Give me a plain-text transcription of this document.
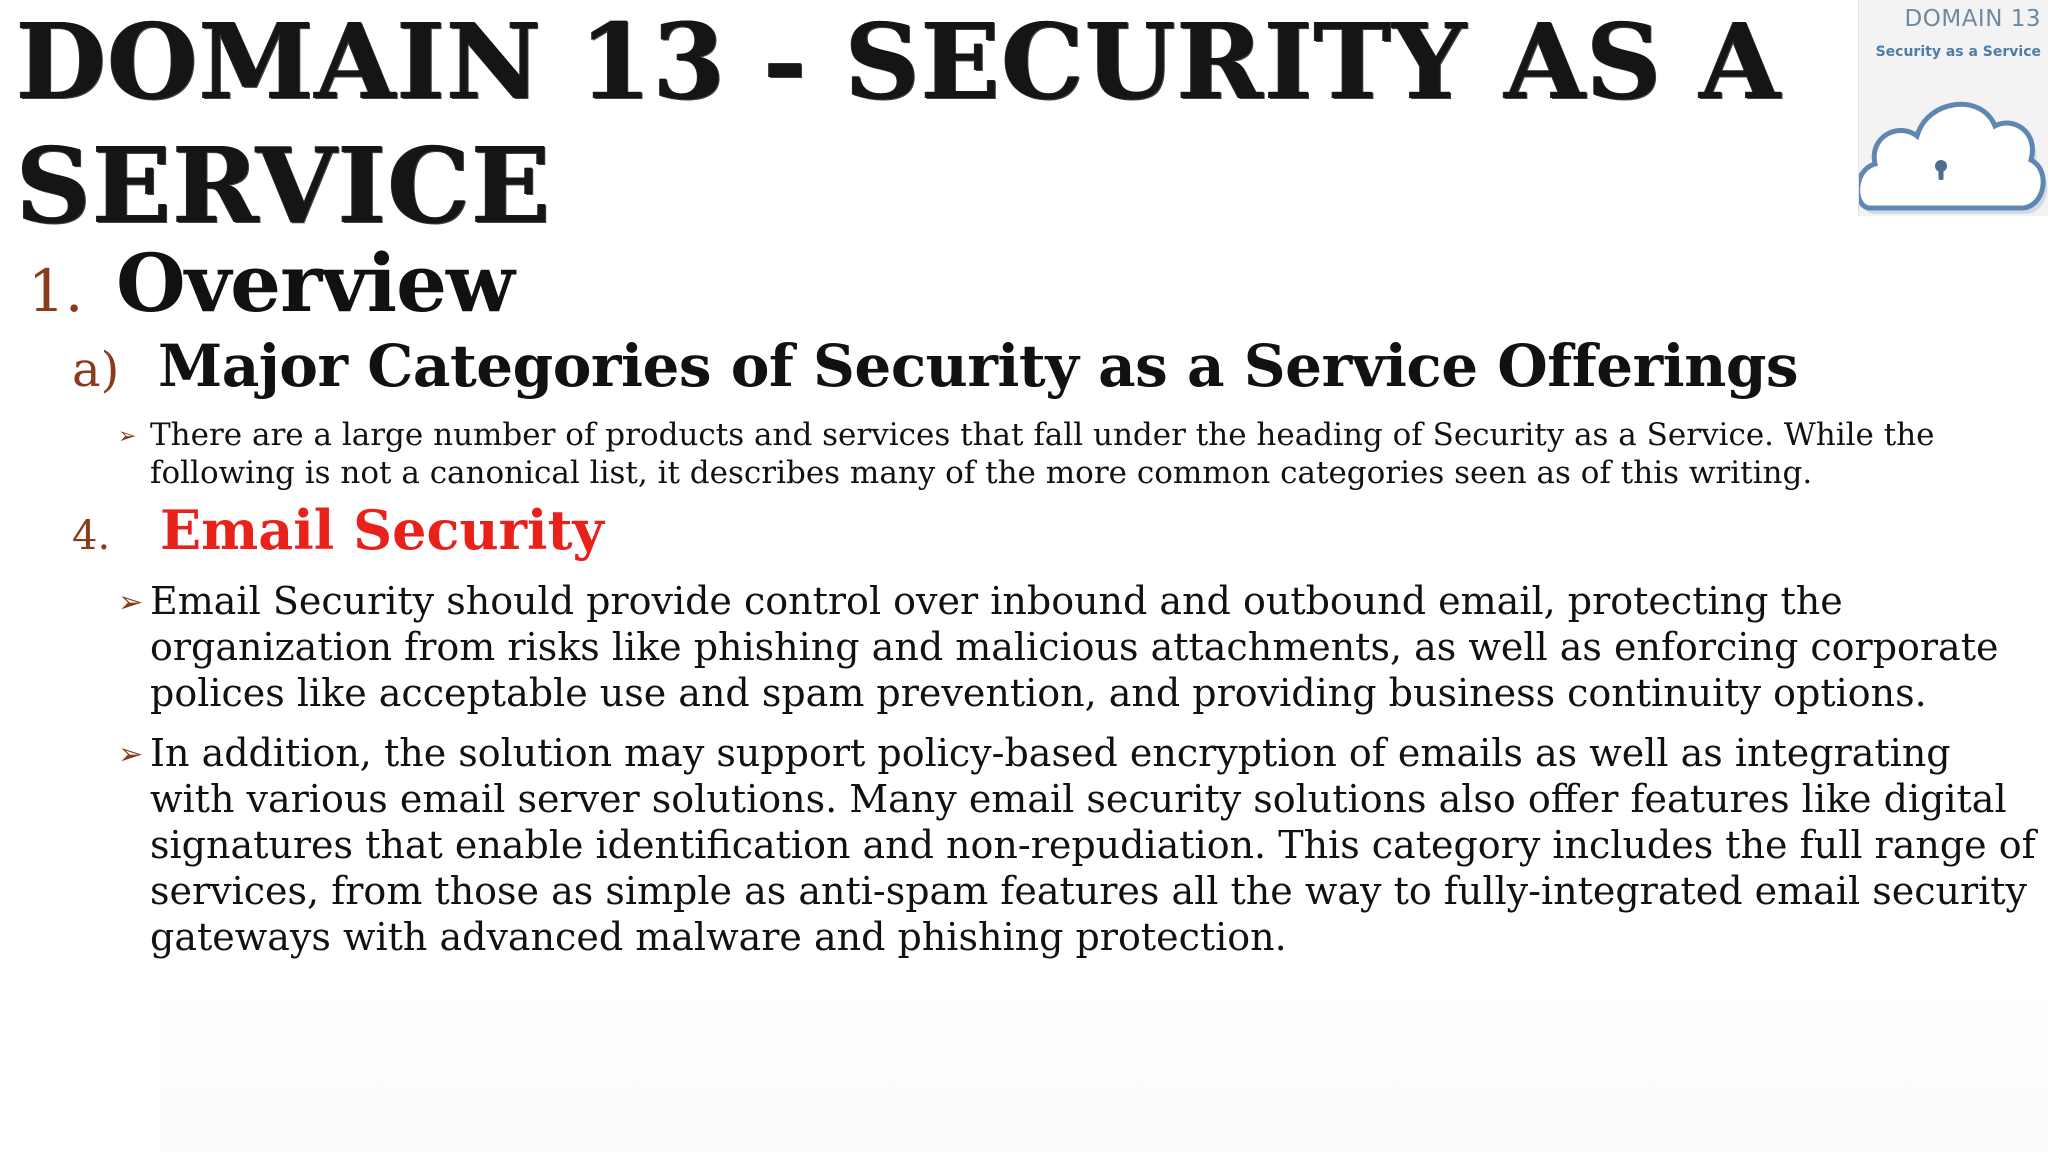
DOMAIN 13 - SECURITY AS A SERVICE
1. Overview
a) Major Categories of Security as a Service Offerings
➢ There are a large number of products and services that fall under the heading of Security as a Service. While the following is not a canonical list, it describes many of the more common categories seen as of this writing.
4. Email Security
➢ Email Security should provide control over inbound and outbound email, protecting the organization from risks like phishing and malicious attachments, as well as enforcing corporate polices like acceptable use and spam prevention, and providing business continuity options.
➢ In addition, the solution may support policy-based encryption of emails as well as integrating with various email server solutions. Many email security solutions also offer features like digital signatures that enable identification and non-repudiation. This category includes the full range of services, from those as simple as anti-spam features all the way to fully-integrated email security gateways with advanced malware and phishing protection.
DOMAIN 13
Security as a Service
